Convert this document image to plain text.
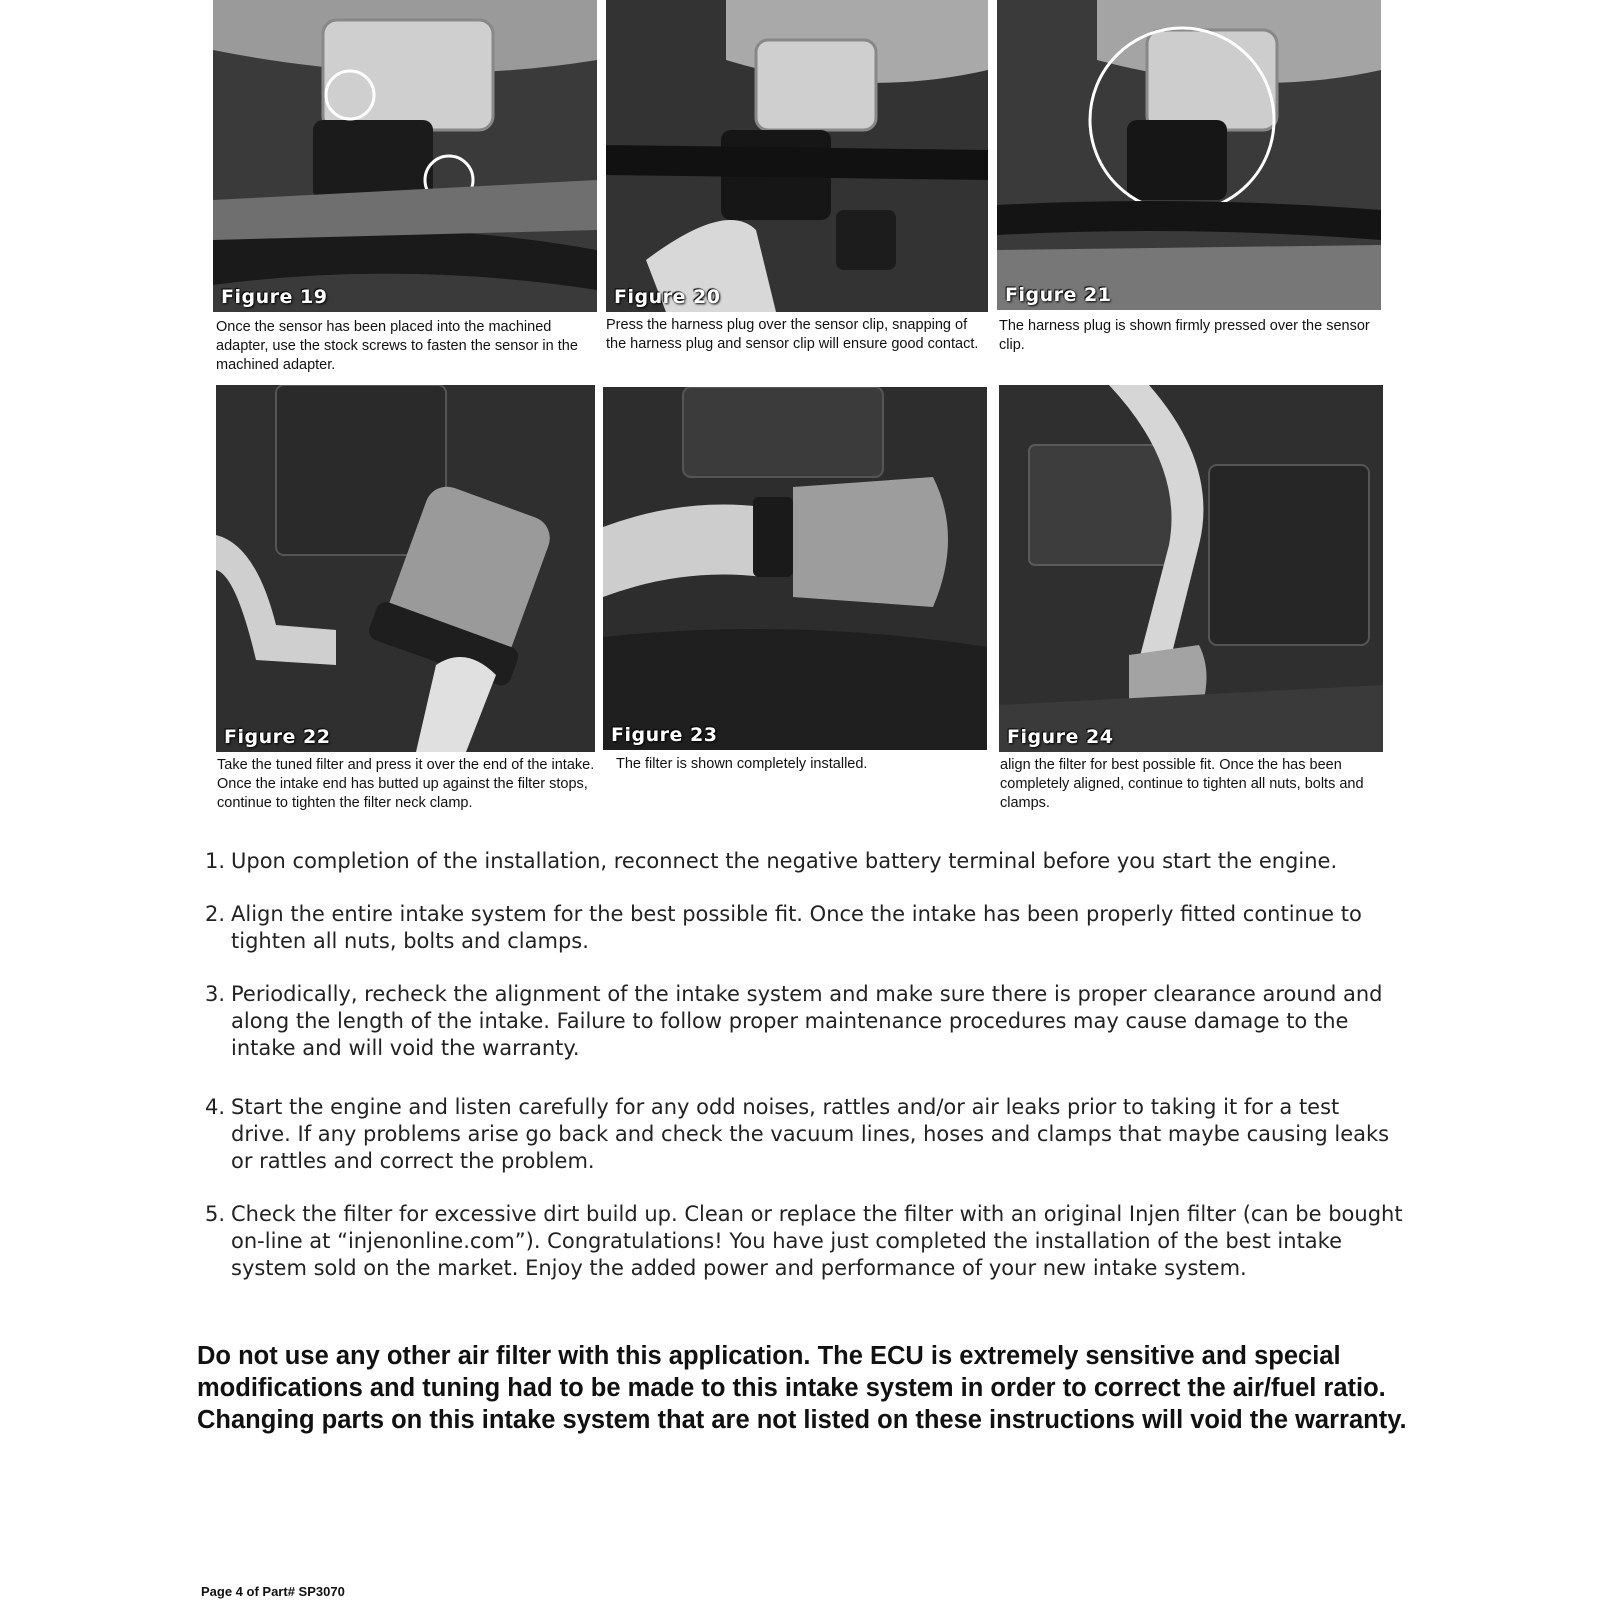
Figure 19	Figure 20	Figure 21
Once the sensor has been placed into the machined adapter, use the stock screws to fasten the sensor in the machined adapter.
Press the harness plug over the sensor clip, snapping of the harness plug and sensor clip will ensure good contact.
The harness plug is shown firmly pressed over the sensor clip.
Figure 22	Figure 23	Figure 24
Take the tuned filter and press it over the end of the intake. Once the intake end has butted up against the filter stops, continue to tighten the filter neck clamp.
The filter is shown completely installed.	align the filter for best possible fit. Once the has been completely aligned, continue to tighten all nuts, bolts and clamps.
1. Upon completion of the installation, reconnect the negative battery terminal before you start the engine.
2. Align the entire intake system for the best possible fit. Once the intake has been properly fitted continue to tighten all nuts, bolts and clamps.
3. Periodically, recheck the alignment of the intake system and make sure there is proper clearance around and along the length of the intake. Failure to follow proper maintenance procedures may cause damage to the intake and will void the warranty.
4. Start the engine and listen carefully for any odd noises, rattles and/or air leaks prior to taking it for a test drive. If any problems arise go back and check the vacuum lines, hoses and clamps that maybe causing leaks or rattles and correct the problem.
5. Check the filter for excessive dirt build up. Clean or replace the filter with an original Injen filter (can be bought on-line at “injenonline.com”). Congratulations! You have just completed the installation of the best intake system sold on the market. Enjoy the added power and performance of your new intake system.
Do not use any other air filter with this application. The ECU is extremely sensitive and special modifications and tuning had to be made to this intake system in order to correct the air/fuel ratio. Changing parts on this intake system that are not listed on these instructions will void the warranty.
Page 4 of Part# SP3070
